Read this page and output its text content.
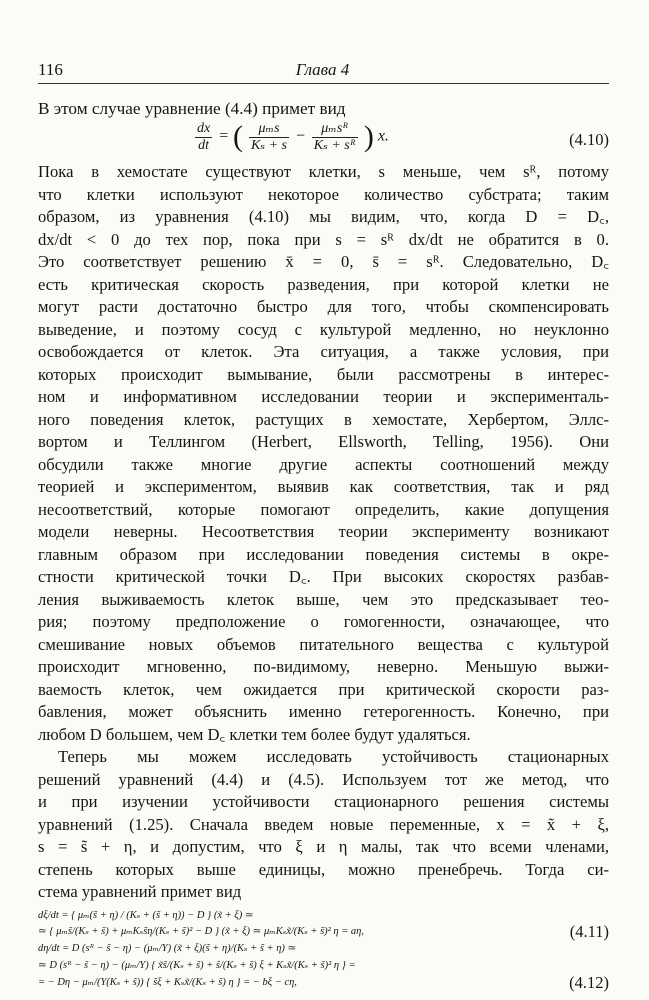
116	Глава 4
В этом случае уравнение (4.4) примет вид
$\frac{dx}{dt}$ = ( $\frac{\text{μₘs}}{\text{Kₛ + s}} - \frac{\text{μₘsᴿ}}{\text{Kₛ + sᴿ}}$ ) x.	(4.10)
Пока в хемостате существуют клетки, s меньше, чем sᴿ, потому
что клетки используют некоторое количество субстрата; таким
образом, из уравнения (4.10) мы видим, что, когда D = D꜀,
dx/dt < 0 до тех пор, пока при s = sᴿ dx/dt не обратится в 0.
Это соответствует решению x̄ = 0, s̄ = sᴿ. Следовательно, D꜀
есть критическая скорость разведения, при которой клетки не
могут расти достаточно быстро для того, чтобы скомпенсировать
выведение, и поэтому сосуд с культурой медленно, но неуклонно
освобождается от клеток. Эта ситуация, а также условия, при
которых происходит вымывание, были рассмотрены в интерес-
ном и информативном исследовании теории и эксперименталь-
ного поведения клеток, растущих в хемостате, Хербертом, Эллс-
вортом и Теллингом (Herbert, Ellsworth, Telling, 1956). Они
обсудили также многие другие аспекты соотношений между
теорией и экспериментом, выявив как соответствия, так и ряд
несоответствий, которые помогают определить, какие допущения
модели неверны. Несоответствия теории эксперименту возникают
главным образом при исследовании поведения системы в окре-
стности критической точки D꜀. При высоких скоростях разбав-
ления выживаемость клеток выше, чем это предсказывает тео-
рия; поэтому предположение о гомогенности, означающее, что
смешивание новых объемов питательного вещества с культурой
происходит мгновенно, по-видимому, неверно. Меньшую выжи-
ваемость клеток, чем ожидается при критической скорости раз-
бавления, может объяснить именно гетерогенность. Конечно, при
любом D большем, чем D꜀ клетки тем более будут удаляться.
Теперь мы можем исследовать устойчивость стационарных
решений уравнений (4.4) и (4.5). Используем тот же метод, что
и при изучении устойчивости стационарного решения системы
уравнений (1.25). Сначала введем новые переменные, x = x̃ + ξ,
s = s̃ + η, и допустим, что ξ и η малы, так что всеми членами,
степень которых выше единицы, можно пренебречь. Тогда си-
стема уравнений примет вид
dξ/dt = { μₘ(s̃ + η) / (Kₛ + (s̃ + η)) − D } (x̃ + ξ) ≃
≃ { μₘs̃/(Kₛ + s̃) + μₘKₛs̃η/(Kₛ + s̃)² − D } (x̃ + ξ) ≃ μₘKₛx̃/(Kₛ + s̃)² η = aη,	(4.11)
dη/dt = D (sᴿ − s̃ − η) − (μₘ/Y) (x̃ + ξ)(s̃ + η)/(Kₛ + s̃ + η) ≃
≃ D (sᴿ − s̃ − η) − (μₘ/Y) { x̃s̃/(Kₛ + s̃) + s̃/(Kₛ + s̃) ξ + Kₛx̃/(Kₛ + s̃)² η } =
= − Dη − μₘ/(Y(Kₛ + s̃)) { s̃ξ + Kₛx̃/(Kₛ + s̃) η } = − bξ − cη,	(4.12)
